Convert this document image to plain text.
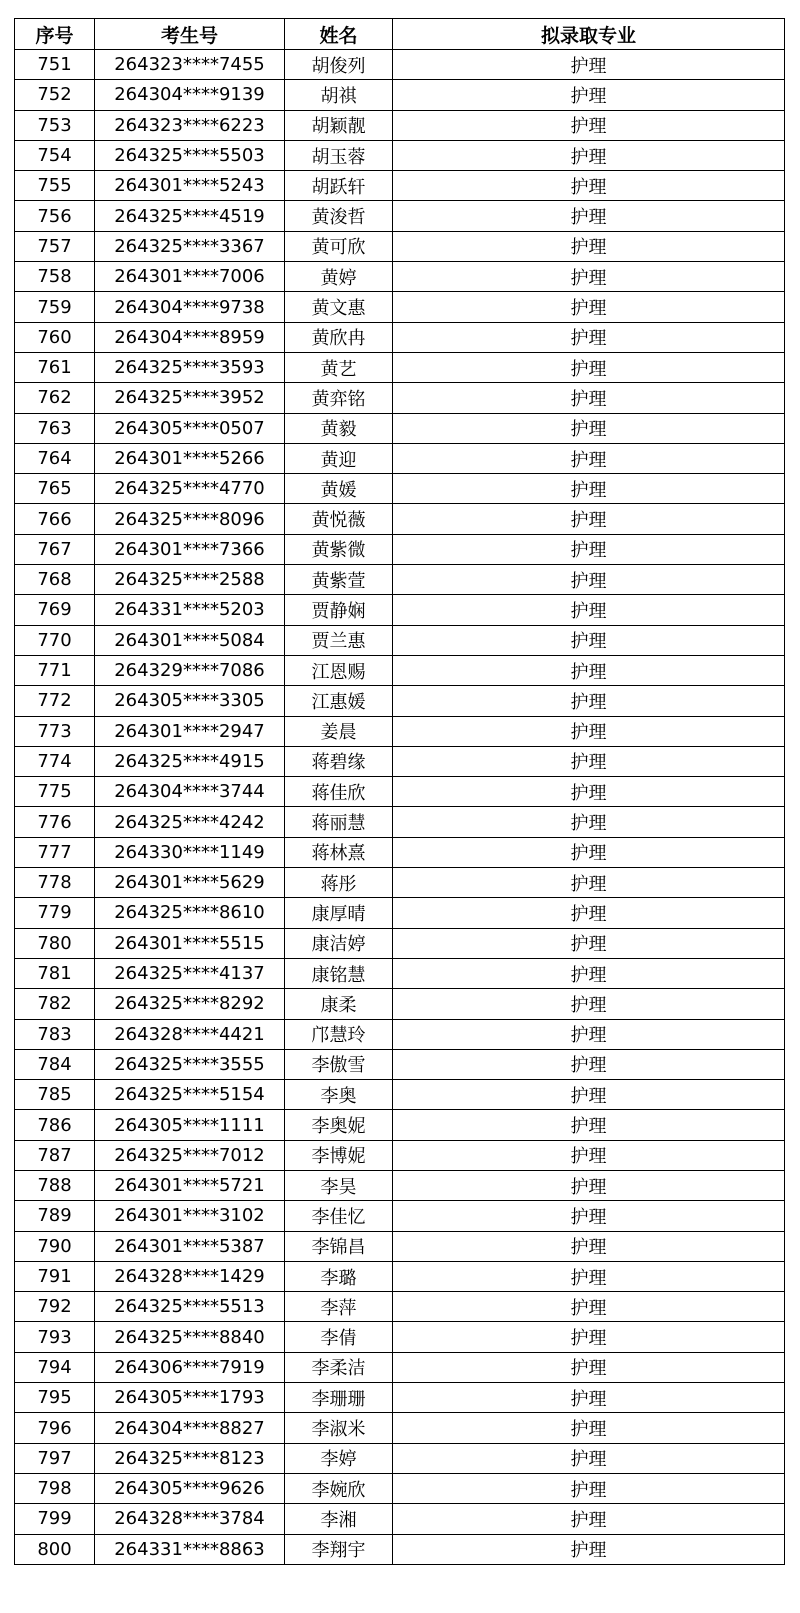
序号	考生号	姓名	拟录取专业
751	264323****7455	胡俊列	护理
752	264304****9139	胡祺	护理
753	264323****6223	胡颖靓	护理
754	264325****5503	胡玉蓉	护理
755	264301****5243	胡跃轩	护理
756	264325****4519	黄浚哲	护理
757	264325****3367	黄可欣	护理
758	264301****7006	黄婷	护理
759	264304****9738	黄文惠	护理
760	264304****8959	黄欣冉	护理
761	264325****3593	黄艺	护理
762	264325****3952	黄弈铭	护理
763	264305****0507	黄毅	护理
764	264301****5266	黄迎	护理
765	264325****4770	黄媛	护理
766	264325****8096	黄悦薇	护理
767	264301****7366	黄紫微	护理
768	264325****2588	黄紫萱	护理
769	264331****5203	贾静娴	护理
770	264301****5084	贾兰惠	护理
771	264329****7086	江恩赐	护理
772	264305****3305	江惠媛	护理
773	264301****2947	姜晨	护理
774	264325****4915	蒋碧缘	护理
775	264304****3744	蒋佳欣	护理
776	264325****4242	蒋丽慧	护理
777	264330****1149	蒋林熹	护理
778	264301****5629	蒋彤	护理
779	264325****8610	康厚晴	护理
780	264301****5515	康洁婷	护理
781	264325****4137	康铭慧	护理
782	264325****8292	康柔	护理
783	264328****4421	邝慧玲	护理
784	264325****3555	李傲雪	护理
785	264325****5154	李奥	护理
786	264305****1111	李奥妮	护理
787	264325****7012	李博妮	护理
788	264301****5721	李昊	护理
789	264301****3102	李佳忆	护理
790	264301****5387	李锦昌	护理
791	264328****1429	李璐	护理
792	264325****5513	李萍	护理
793	264325****8840	李倩	护理
794	264306****7919	李柔洁	护理
795	264305****1793	李珊珊	护理
796	264304****8827	李淑米	护理
797	264325****8123	李婷	护理
798	264305****9626	李婉欣	护理
799	264328****3784	李湘	护理
800	264331****8863	李翔宇	护理
